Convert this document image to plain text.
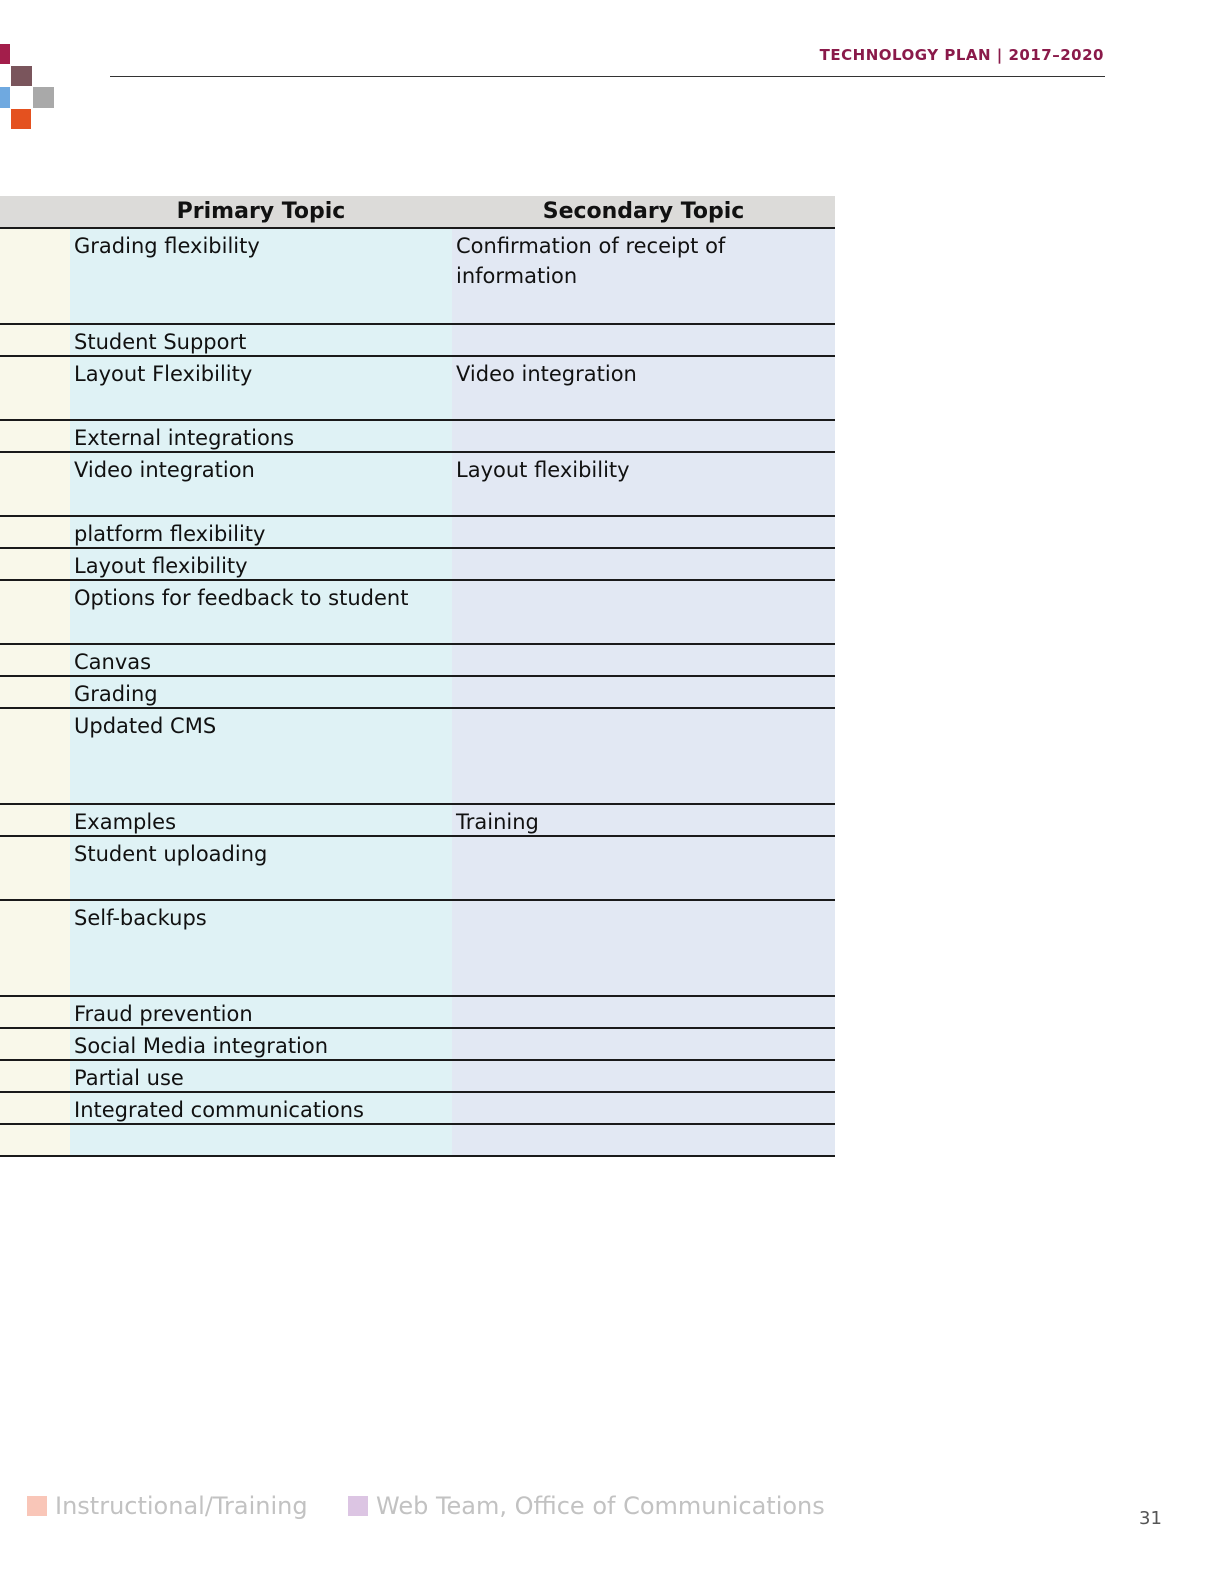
TECHNOLOGY PLAN | 2017–2020
Primary Topic	Secondary Topic
Grading flexibility	Confirmation of receipt of information
Student Support
Layout Flexibility	Video integration
External integrations
Video integration	Layout flexibility
platform flexibility
Layout flexibility
Options for feedback to student
Canvas
Grading
Updated CMS
Examples	Training
Student uploading
Self-backups
Fraud prevention
Social Media integration
Partial use
Integrated communications
Instructional/Training	Web Team, Office of Communications	31
